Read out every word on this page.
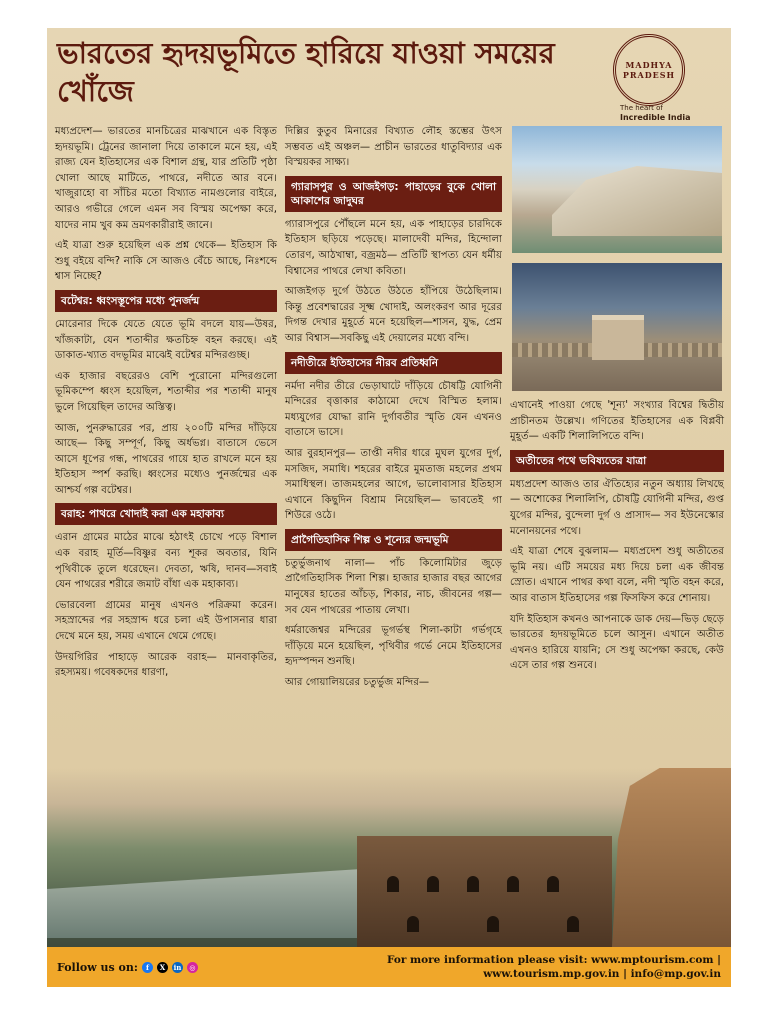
ভারতের হৃদয়ভূমিতে হারিয়ে যাওয়া সময়ের খোঁজে
MADHYA PRADESH
The heart of
Incredible India

মধ্যপ্রদেশ— ভারতের মানচিত্রের মাঝখানে এক বিস্তৃত হৃদয়ভূমি। ট্রেনের জানালা দিয়ে তাকালে মনে হয়, এই রাজ্য যেন ইতিহাসের এক বিশাল গ্রন্থ, যার প্রতিটি পৃষ্ঠা খোলা আছে মাটিতে, পাথরে, নদীতে আর বনে। খাজুরাহো বা সাঁচির মতো বিখ্যাত নামগুলোর বাইরে, আরও গভীরে গেলে এমন সব বিস্ময় অপেক্ষা করে, যাদের নাম খুব কম ভ্রমণকারীরাই জানে।

এই যাত্রা শুরু হয়েছিল এক প্রশ্ন থেকে— ইতিহাস কি শুধু বইয়ে বন্দি? নাকি সে আজও বেঁচে আছে, নিঃশব্দে শ্বাস নিচ্ছে?

বটেশ্বর: ধ্বংসস্তূপের মধ্যে পুনর্জন্ম

মোরেনার দিকে যেতে যেতে ভূমি বদলে যায়—উষর, খাঁজকাটা, যেন শতাব্দীর ক্ষতচিহ্ন বহন করছে। এই ডাকাত-খ্যাত বদভূমির মাঝেই বটেশ্বর মন্দিরগুচ্ছ।

এক হাজার বছরেরও বেশি পুরোনো মন্দিরগুলো ভূমিকম্পে ধ্বংস হয়েছিল, শতাব্দীর পর শতাব্দী মানুষ ভুলে গিয়েছিল তাদের অস্তিত্ব।

আজ, পুনরুদ্ধারের পর, প্রায় ২০০টি মন্দির দাঁড়িয়ে আছে— কিছু সম্পূর্ণ, কিছু অর্ধভগ্ন। বাতাসে ভেসে আসে ধূপের গন্ধ, পাথরের গায়ে হাত রাখলে মনে হয় ইতিহাস স্পর্শ করছি। ধ্বংসের মধ্যেও পুনর্জন্মের এক আশ্চর্য গল্প বটেশ্বর।

বরাহ: পাথরে খোদাই করা এক মহাকাব্য

এরান গ্রামের মাঠের মাঝে হঠাৎই চোখে পড়ে বিশাল এক বরাহ মূর্তি—বিষ্ণুর বন্য শূকর অবতার, যিনি পৃথিবীকে তুলে ধরেছেন। দেবতা, ঋষি, দানব—সবাই যেন পাথরের শরীরে জমাট বাঁধা এক মহাকাব্য।

ভোরবেলা গ্রামের মানুষ এখনও পরিক্রমা করেন। সহস্রাব্দের পর সহস্রাব্দ ধরে চলা এই উপাসনার ধারা দেখে মনে হয়, সময় এখানে থেমে গেছে।

উদয়গিরির পাহাড়ে আরেক বরাহ— মানবাকৃতির, রহস্যময়। গবেষকদের ধারণা,

দিল্লির কুতুব মিনারের বিখ্যাত লৌহ স্তম্ভের উৎস সম্ভবত এই অঞ্চল— প্রাচীন ভারতের ধাতুবিদ্যার এক বিস্ময়কর সাক্ষ্য।

গ্যারাসপুর ও আজইগড়: পাহাড়ের বুকে খোলা আকাশের জাদুঘর

গ্যারাসপুরে পৌঁছলে মনে হয়, এক পাহাড়ের চারদিকে ইতিহাস ছড়িয়ে পড়েছে। মালাদেবী মন্দির, হিন্দোলা তোরণ, আঠখাম্বা, বজ্রমঠ— প্রতিটি স্থাপত্য যেন ধর্মীয় বিশ্বাসের পাথরে লেখা কবিতা।

আজইগড় দুর্গে উঠতে উঠতে হাঁপিয়ে উঠেছিলাম। কিন্তু প্রবেশদ্বারের সূক্ষ্ম খোদাই, অলংকরণ আর দূরের দিগন্ত দেখার মুহূর্তে মনে হয়েছিল—শাসন, যুদ্ধ, প্রেম আর বিশ্বাস—সবকিছু এই দেয়ালের মধ্যে বন্দি।

নদীতীরে ইতিহাসের নীরব প্রতিধ্বনি

নর্মদা নদীর তীরে ভেড়াঘাটে দাঁড়িয়ে চৌষট্টি যোগিনী মন্দিরের বৃত্তাকার কাঠামো দেখে বিস্মিত হলাম। মধ্যযুগের যোদ্ধা রানি দুর্গাবতীর স্মৃতি যেন এখনও বাতাসে ভাসে।

আর বুরহানপুর— তাপ্তী নদীর ধারে মুঘল যুগের দুর্গ, মসজিদ, সমাধি। শহরের বাইরে মুমতাজ মহলের প্রথম সমাধিস্থল। তাজমহলের আগে, ভালোবাসার ইতিহাস এখানে কিছুদিন বিশ্রাম নিয়েছিল— ভাবতেই গা শিউরে ওঠে।

প্রাগৈতিহাসিক শিল্প ও শূন্যের জন্মভূমি

চতুর্ভুজনাথ নালা— পাঁচ কিলোমিটার জুড়ে প্রাগৈতিহাসিক শিলা শিল্প। হাজার হাজার বছর আগের মানুষের হাতের আঁচড়, শিকার, নাচ, জীবনের গল্প—সব যেন পাথরের পাতায় লেখা।

ধর্মরাজেশ্বর মন্দিরের ভূগর্ভস্থ শিলা-কাটা গর্ভগৃহে দাঁড়িয়ে মনে হয়েছিল, পৃথিবীর গর্ভে নেমে ইতিহাসের হৃদস্পন্দন শুনছি।

আর গোয়ালিয়রের চতুর্ভুজ মন্দির—

এখানেই পাওয়া গেছে 'শূন্য' সংখ্যার বিশ্বের দ্বিতীয় প্রাচীনতম উল্লেখ। গণিতের ইতিহাসের এক বিপ্লবী মুহূর্ত— একটি শিলালিপিতে বন্দি।

অতীতের পথে ভবিষ্যতের যাত্রা

মধ্যপ্রদেশ আজও তার ঐতিহ্যের নতুন অধ্যায় লিখছে— অশোকের শিলালিপি, চৌষট্টি যোগিনী মন্দির, গুপ্ত যুগের মন্দির, বুন্দেলা দুর্গ ও প্রাসাদ— সব ইউনেস্কোর মনোনয়নের পথে।

এই যাত্রা শেষে বুঝলাম— মধ্যপ্রদেশ শুধু অতীতের ভূমি নয়। এটি সময়ের মধ্য দিয়ে চলা এক জীবন্ত স্রোত। এখানে পাথর কথা বলে, নদী স্মৃতি বহন করে, আর বাতাস ইতিহাসের গল্প ফিসফিস করে শোনায়।

যদি ইতিহাস কখনও আপনাকে ডাক দেয়—ভিড় ছেড়ে ভারতের হৃদয়ভূমিতে চলে আসুন। এখানে অতীত এখনও হারিয়ে যায়নি; সে শুধু অপেক্ষা করছে, কেউ এসে তার গল্প শুনবে।

Follow us on:	f	X	in	◎
For more information please visit: www.mptourism.com |
www.tourism.mp.gov.in | info@mp.gov.in
